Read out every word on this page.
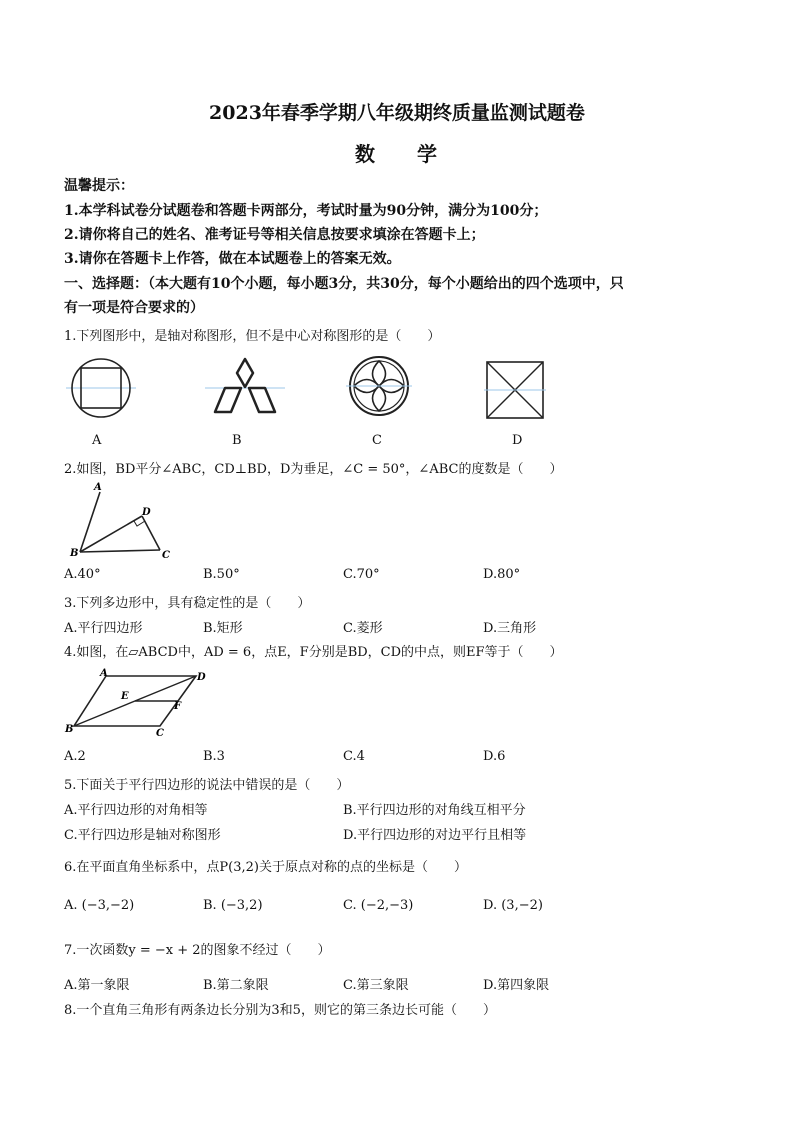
2023年春季学期八年级期终质量监测试题卷
数 学
温馨提示：
1.本学科试卷分试题卷和答题卡两部分，考试时量为90分钟，满分为100分；
2.请你将自己的姓名、准考证号等相关信息按要求填涂在答题卡上；
3.请你在答题卡上作答，做在本试题卷上的答案无效。
一、选择题：（本大题有10个小题，每小题3分，共30分，每个小题给出的四个选项中，只
有一项是符合要求的）
1.下列图形中，是轴对称图形，但不是中心对称图形的是（　　）
A	B	C	D
2.如图，BD平分∠ABC，CD⊥BD，D为垂足，∠C = 50°，∠ABC的度数是（　　）
A
D
B	C
A.40°	B.50°	C.70°	D.80°
3.下列多边形中，具有稳定性的是（　　）
A.平行四边形	B.矩形	C.菱形	D.三角形
4.如图，在▱ABCD中，AD = 6，点E，F分别是BD，CD的中点，则EF等于（　　）
A	D
E
F
B	C
A.2	B.3	C.4	D.6
5.下面关于平行四边形的说法中错误的是（　　）
A.平行四边形的对角相等	B.平行四边形的对角线互相平分
C.平行四边形是轴对称图形	D.平行四边形的对边平行且相等
6.在平面直角坐标系中，点P(3,2)关于原点对称的点的坐标是（　　）
A. (−3,−2)	B. (−3,2)	C. (−2,−3)	D. (3,−2)
7.一次函数y = −x + 2的图象不经过（　　）
A.第一象限	B.第二象限	C.第三象限	D.第四象限
8.一个直角三角形有两条边长分别为3和5，则它的第三条边长可能（　　）
